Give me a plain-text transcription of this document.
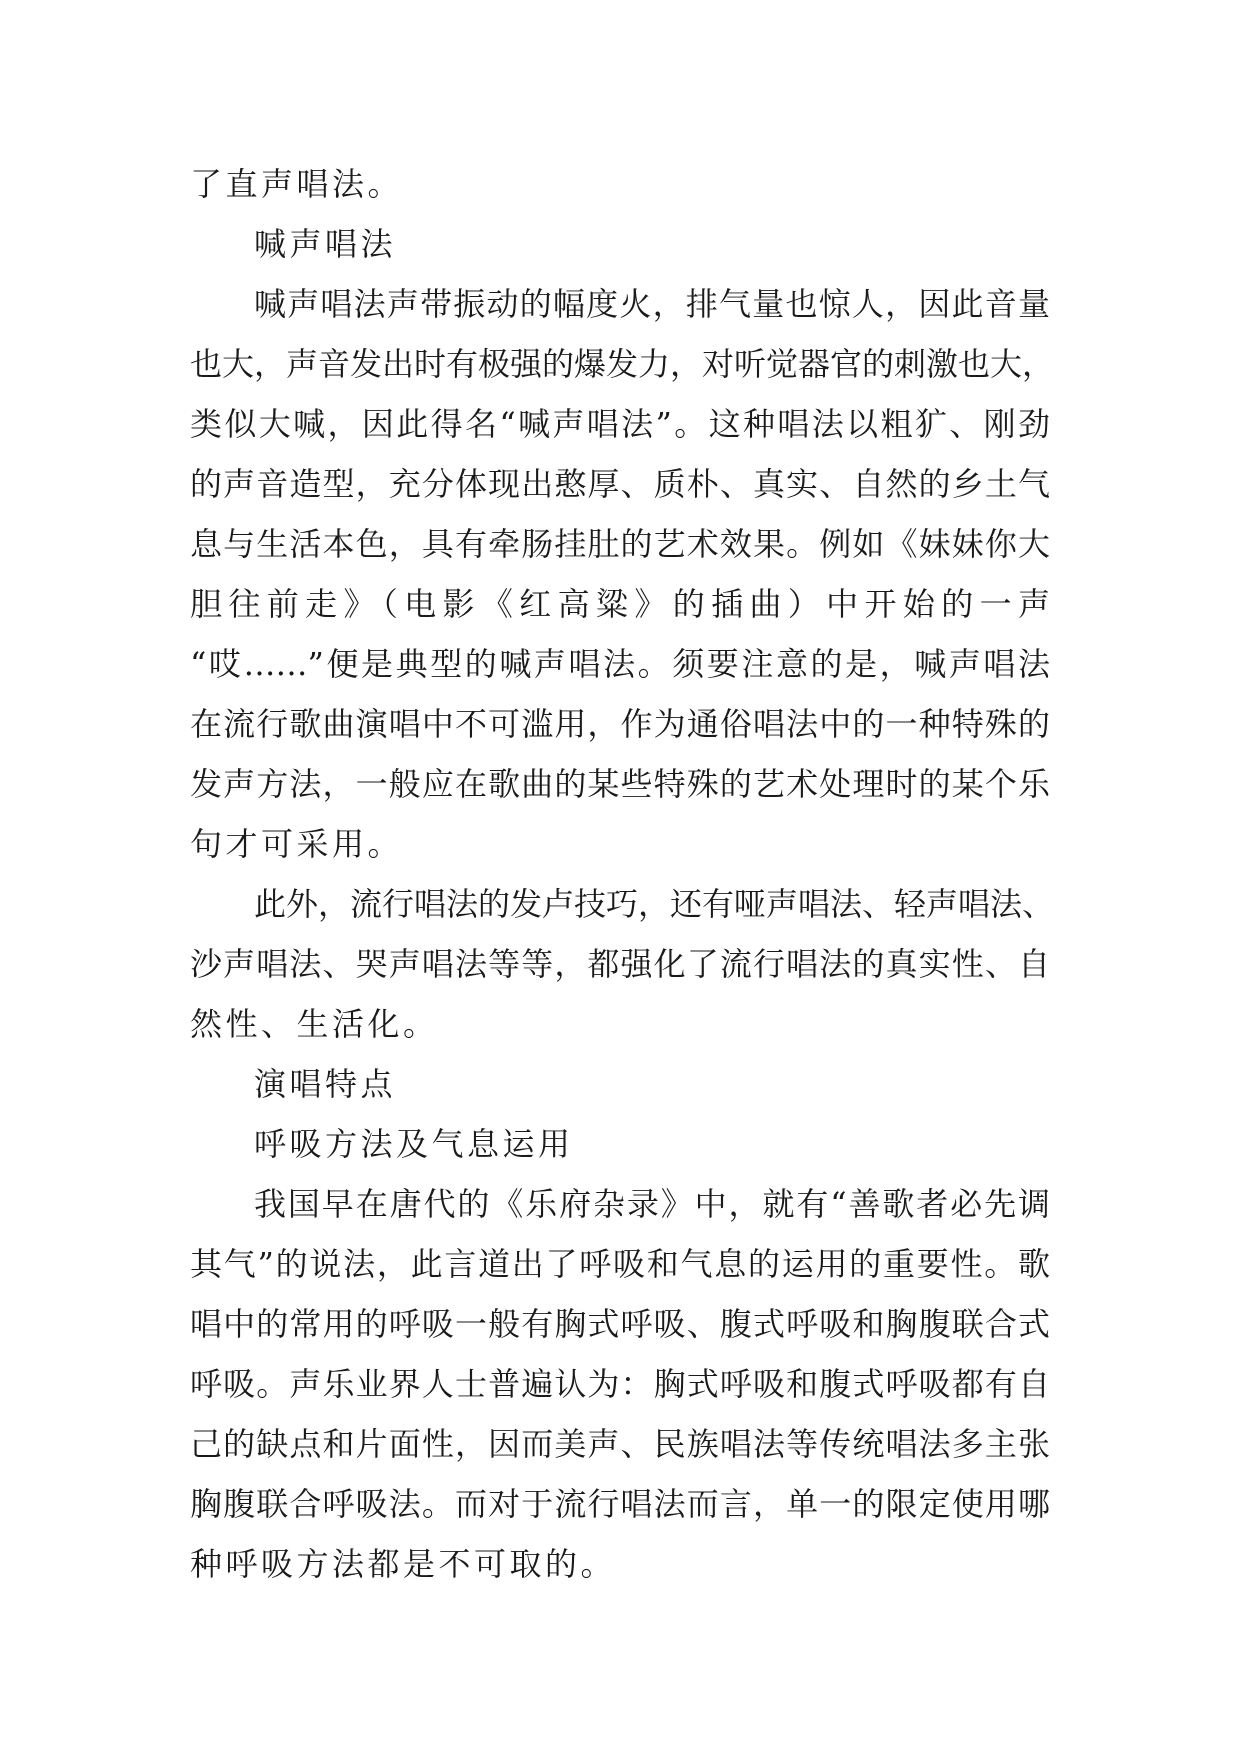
了直声唱法。
喊声唱法
喊声唱法声带振动的幅度火，排气量也惊人，因此音量
也大，声音发出时有极强的爆发力，对听觉器官的刺激也大，
类似大喊，因此得名“喊声唱法”。这种唱法以粗犷、刚劲
的声音造型，充分体现出憨厚、质朴、真实、自然的乡土气
息与生活本色，具有牵肠挂肚的艺术效果。例如《妹妹你大
胆往前走》（电影《红高粱》的插曲）中开始的一声
“哎……”便是典型的喊声唱法。须要注意的是，喊声唱法
在流行歌曲演唱中不可滥用，作为通俗唱法中的一种特殊的
发声方法，一般应在歌曲的某些特殊的艺术处理时的某个乐
句才可采用。
此外，流行唱法的发卢技巧，还有哑声唱法、轻声唱法、
沙声唱法、哭声唱法等等，都强化了流行唱法的真实性、自
然性、生活化。
演唱特点
呼吸方法及气息运用
我国早在唐代的《乐府杂录》中，就有“善歌者必先调
其气”的说法，此言道出了呼吸和气息的运用的重要性。歌
唱中的常用的呼吸一般有胸式呼吸、腹式呼吸和胸腹联合式
呼吸。声乐业界人士普遍认为：胸式呼吸和腹式呼吸都有自
己的缺点和片面性，因而美声、民族唱法等传统唱法多主张
胸腹联合呼吸法。而对于流行唱法而言，单一的限定使用哪
种呼吸方法都是不可取的。
